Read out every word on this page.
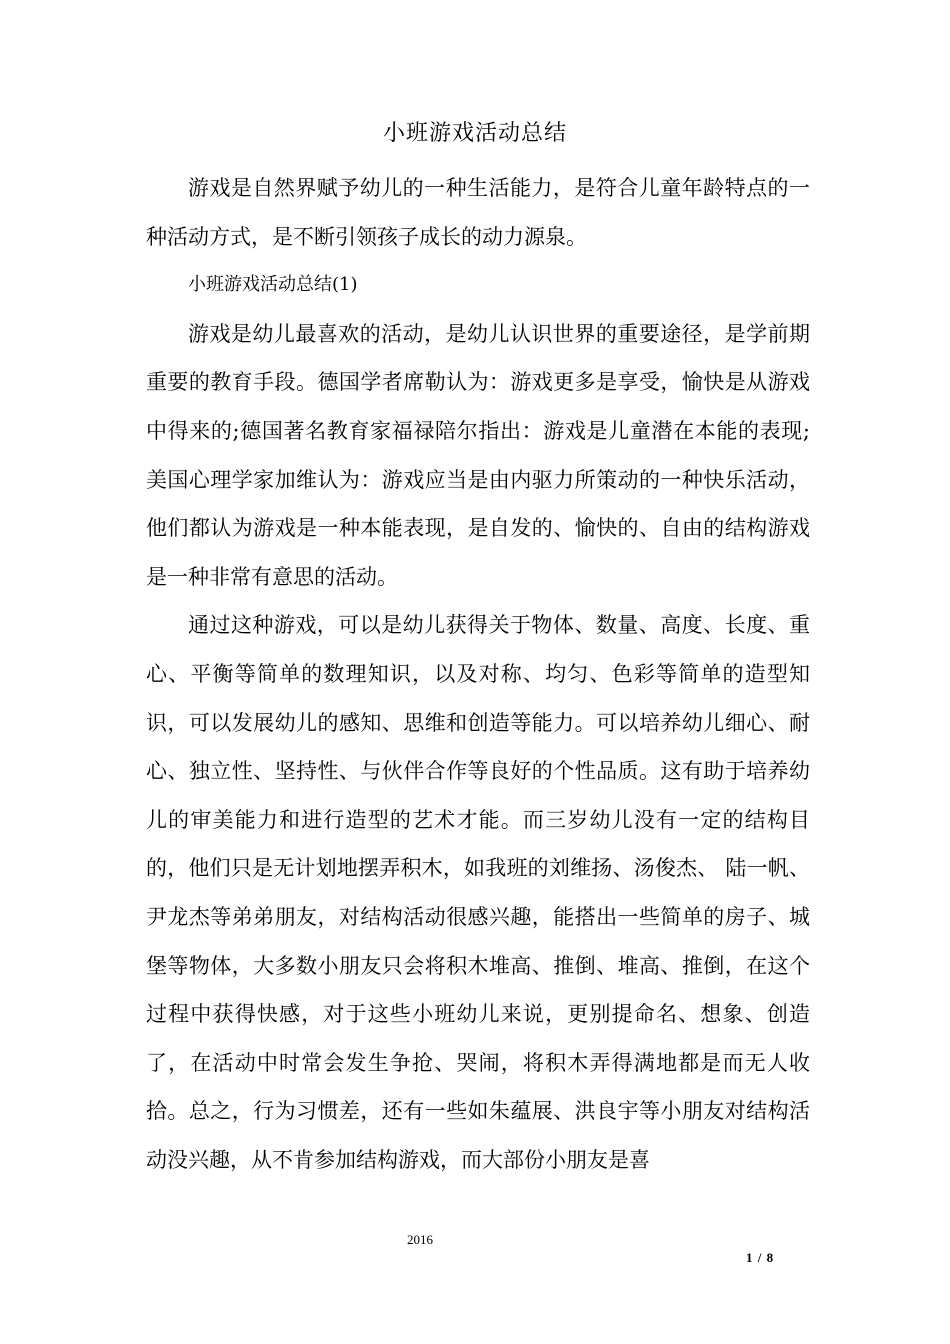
小班游戏活动总结

游戏是自然界赋予幼儿的一种生活能力，是符合儿童年龄特点的一种活动方式，是不断引领孩子成长的动力源泉。

小班游戏活动总结(1)

游戏是幼儿最喜欢的活动，是幼儿认识世界的重要途径，是学前期重要的教育手段。德国学者席勒认为：游戏更多是享受，愉快是从游戏中得来的;德国著名教育家福禄陪尔指出：游戏是儿童潜在本能的表现;美国心理学家加维认为：游戏应当是由内驱力所策动的一种快乐活动，他们都认为游戏是一种本能表现，是自发的、愉快的、自由的结构游戏是一种非常有意思的活动。

通过这种游戏，可以是幼儿获得关于物体、数量、高度、长度、重心、平衡等简单的数理知识，以及对称、均匀、色彩等简单的造型知识，可以发展幼儿的感知、思维和创造等能力。可以培养幼儿细心、耐心、独立性、坚持性、与伙伴合作等良好的个性品质。这有助于培养幼儿的审美能力和进行造型的艺术才能。而三岁幼儿没有一定的结构目的，他们只是无计划地摆弄积木，如我班的刘维扬、汤俊杰、 陆一帆、尹龙杰等弟弟朋友，对结构活动很感兴趣，能搭出一些简单的房子、城堡等物体，大多数小朋友只会将积木堆高、推倒、堆高、推倒，在这个过程中获得快感，对于这些小班幼儿来说，更别提命名、想象、创造了，在活动中时常会发生争抢、哭闹，将积木弄得满地都是而无人收拾。总之，行为习惯差，还有一些如朱蕴展、洪良宇等小朋友对结构活动没兴趣，从不肯参加结构游戏，而大部份小朋友是喜

2016
1 / 8
